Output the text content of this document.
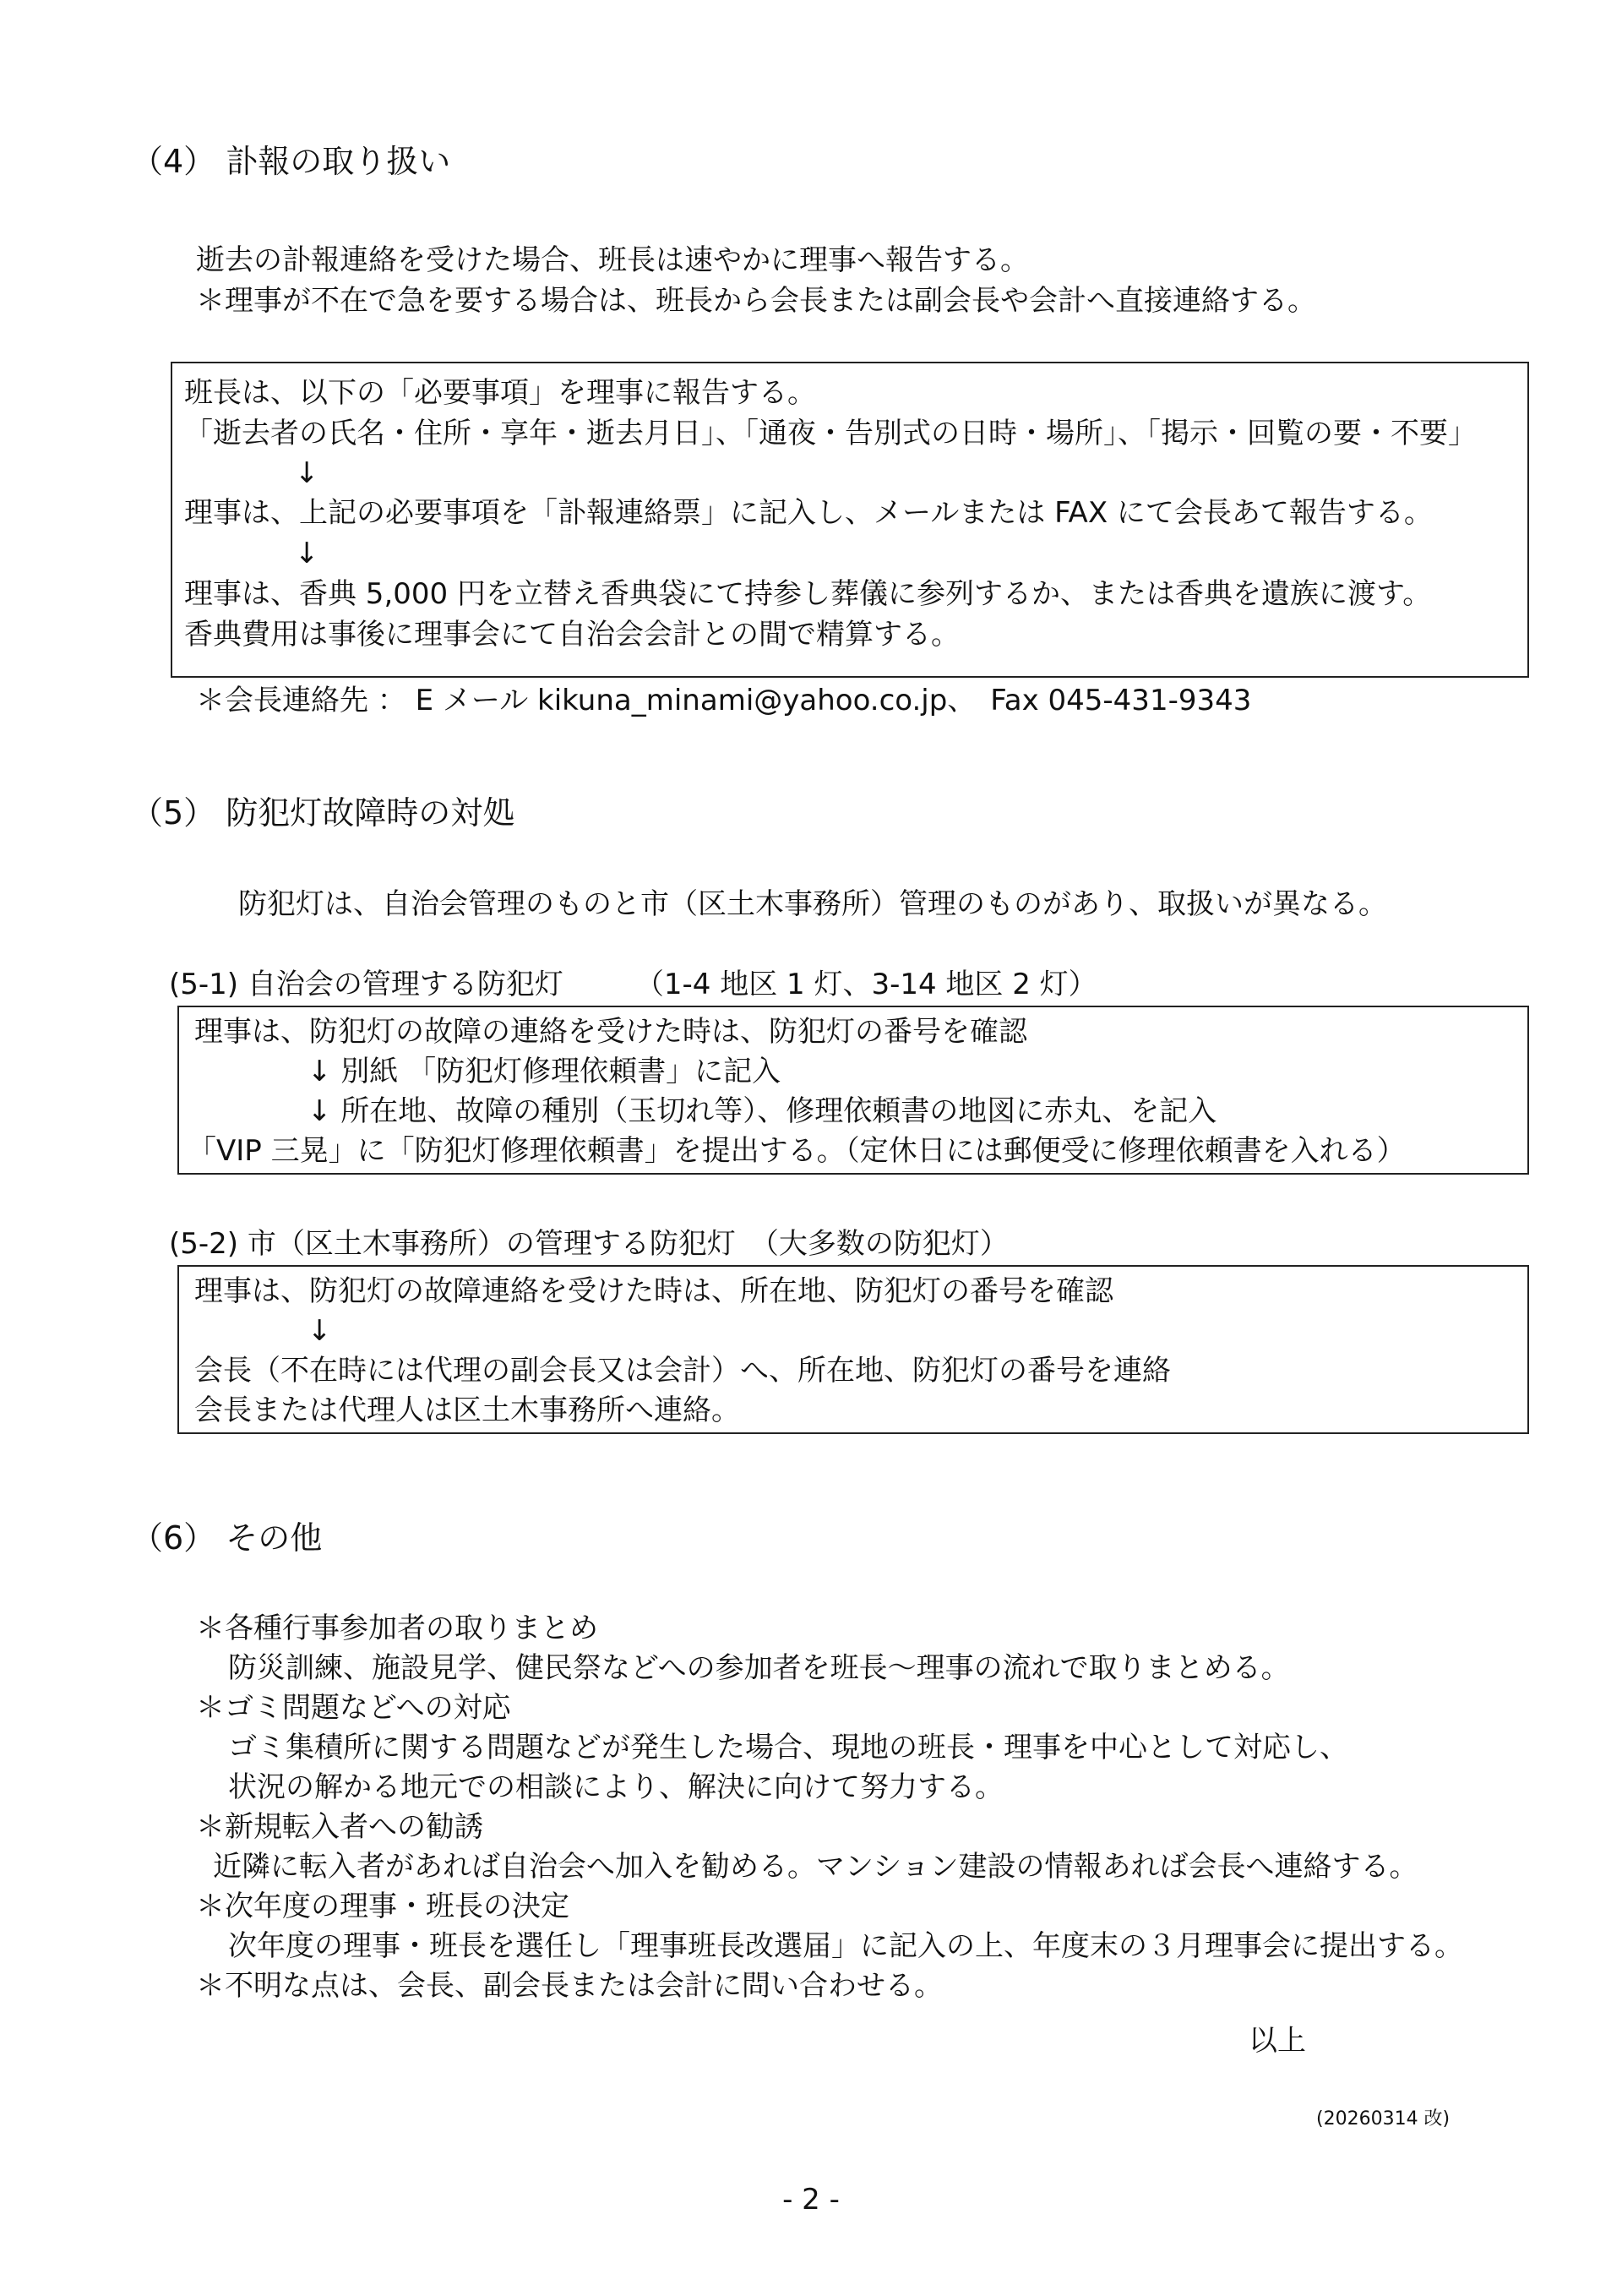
（4） 訃報の取り扱い
逝去の訃報連絡を受けた場合、班長は速やかに理事へ報告する。
＊理事が不在で急を要する場合は、班長から会長または副会長や会計へ直接連絡する。
班長は、以下の「必要事項」を理事に報告する。
「逝去者の氏名・住所・享年・逝去月日」、「通夜・告別式の日時・場所」、「掲示・回覧の要・不要」
↓
理事は、上記の必要事項を「訃報連絡票」に記入し、メールまたは FAX にて会長あて報告する。
↓
理事は、香典 5,000 円を立替え香典袋にて持参し葬儀に参列するか、または香典を遺族に渡す。
香典費用は事後に理事会にて自治会会計との間で精算する。
＊会長連絡先 ： E メール kikuna_minami@yahoo.co.jp、　Fax 045-431-9343
（5） 防犯灯故障時の対処
防犯灯は、自治会管理のものと市（区土木事務所）管理のものがあり、取扱いが異なる。
(5-1) 自治会の管理する防犯灯　　　（1-4 地区 1 灯、3-14 地区 2 灯）
理事は、防犯灯の故障の連絡を受けた時は、防犯灯の番号を確認
↓ 別紙 「防犯灯修理依頼書」に記入
↓ 所在地、故障の種別（玉切れ等）、修理依頼書の地図に赤丸、を記入
「VIP 三晃」に「防犯灯修理依頼書」を提出する。（定休日には郵便受に修理依頼書を入れる）
(5-2) 市（区土木事務所）の管理する防犯灯　（大多数の防犯灯）
理事は、防犯灯の故障連絡を受けた時は、所在地、防犯灯の番号を確認
↓
会長（不在時には代理の副会長又は会計）へ、所在地、防犯灯の番号を連絡
会長または代理人は区土木事務所へ連絡。
（6） その他
＊各種行事参加者の取りまとめ
防災訓練、施設見学、健民祭などへの参加者を班長～理事の流れで取りまとめる。
＊ゴミ問題などへの対応
ゴミ集積所に関する問題などが発生した場合、現地の班長・理事を中心として対応し、
状況の解かる地元での相談により、解決に向けて努力する。
＊新規転入者への勧誘
近隣に転入者があれば自治会へ加入を勧める。マンション建設の情報あれば会長へ連絡する。
＊次年度の理事・班長の決定
次年度の理事・班長を選任し「理事班長改選届」に記入の上、年度末の３月理事会に提出する。
＊不明な点は、会長、副会長または会計に問い合わせる。
以上
(20260314 改)
- 2 -
